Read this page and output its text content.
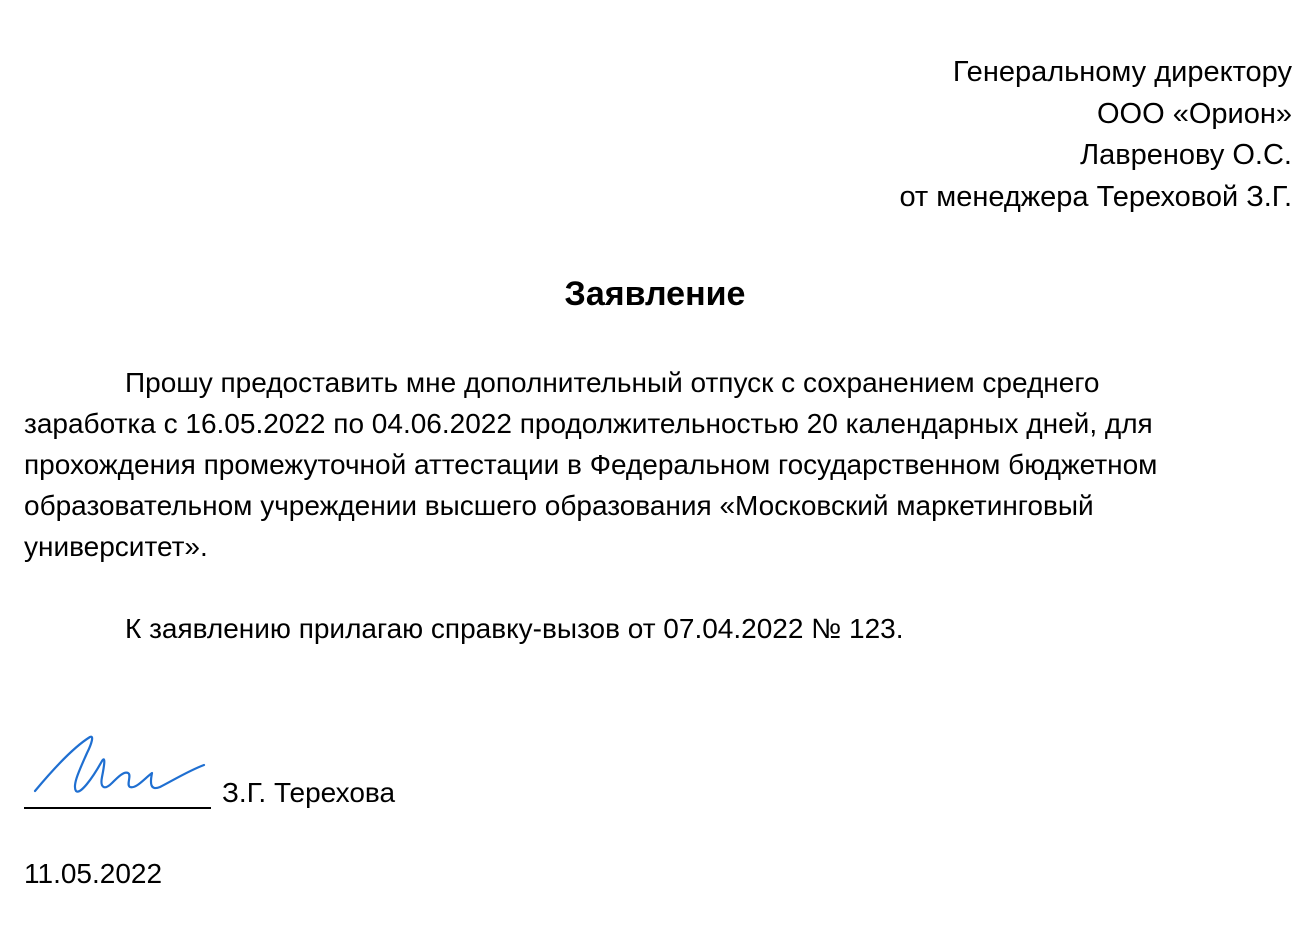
Генеральному директору
ООО «Орион»
Лавренову О.С.
от менеджера Тереховой З.Г.
Заявление
Прошу предоставить мне дополнительный отпуск с сохранением среднего
заработка с 16.05.2022 по 04.06.2022 продолжительностью 20 календарных дней, для
прохождения промежуточной аттестации в Федеральном государственном бюджетном
образовательном учреждении высшего образования «Московский маркетинговый
университет».
К заявлению прилагаю справку-вызов от 07.04.2022 № 123.
З.Г. Терехова
11.05.2022
